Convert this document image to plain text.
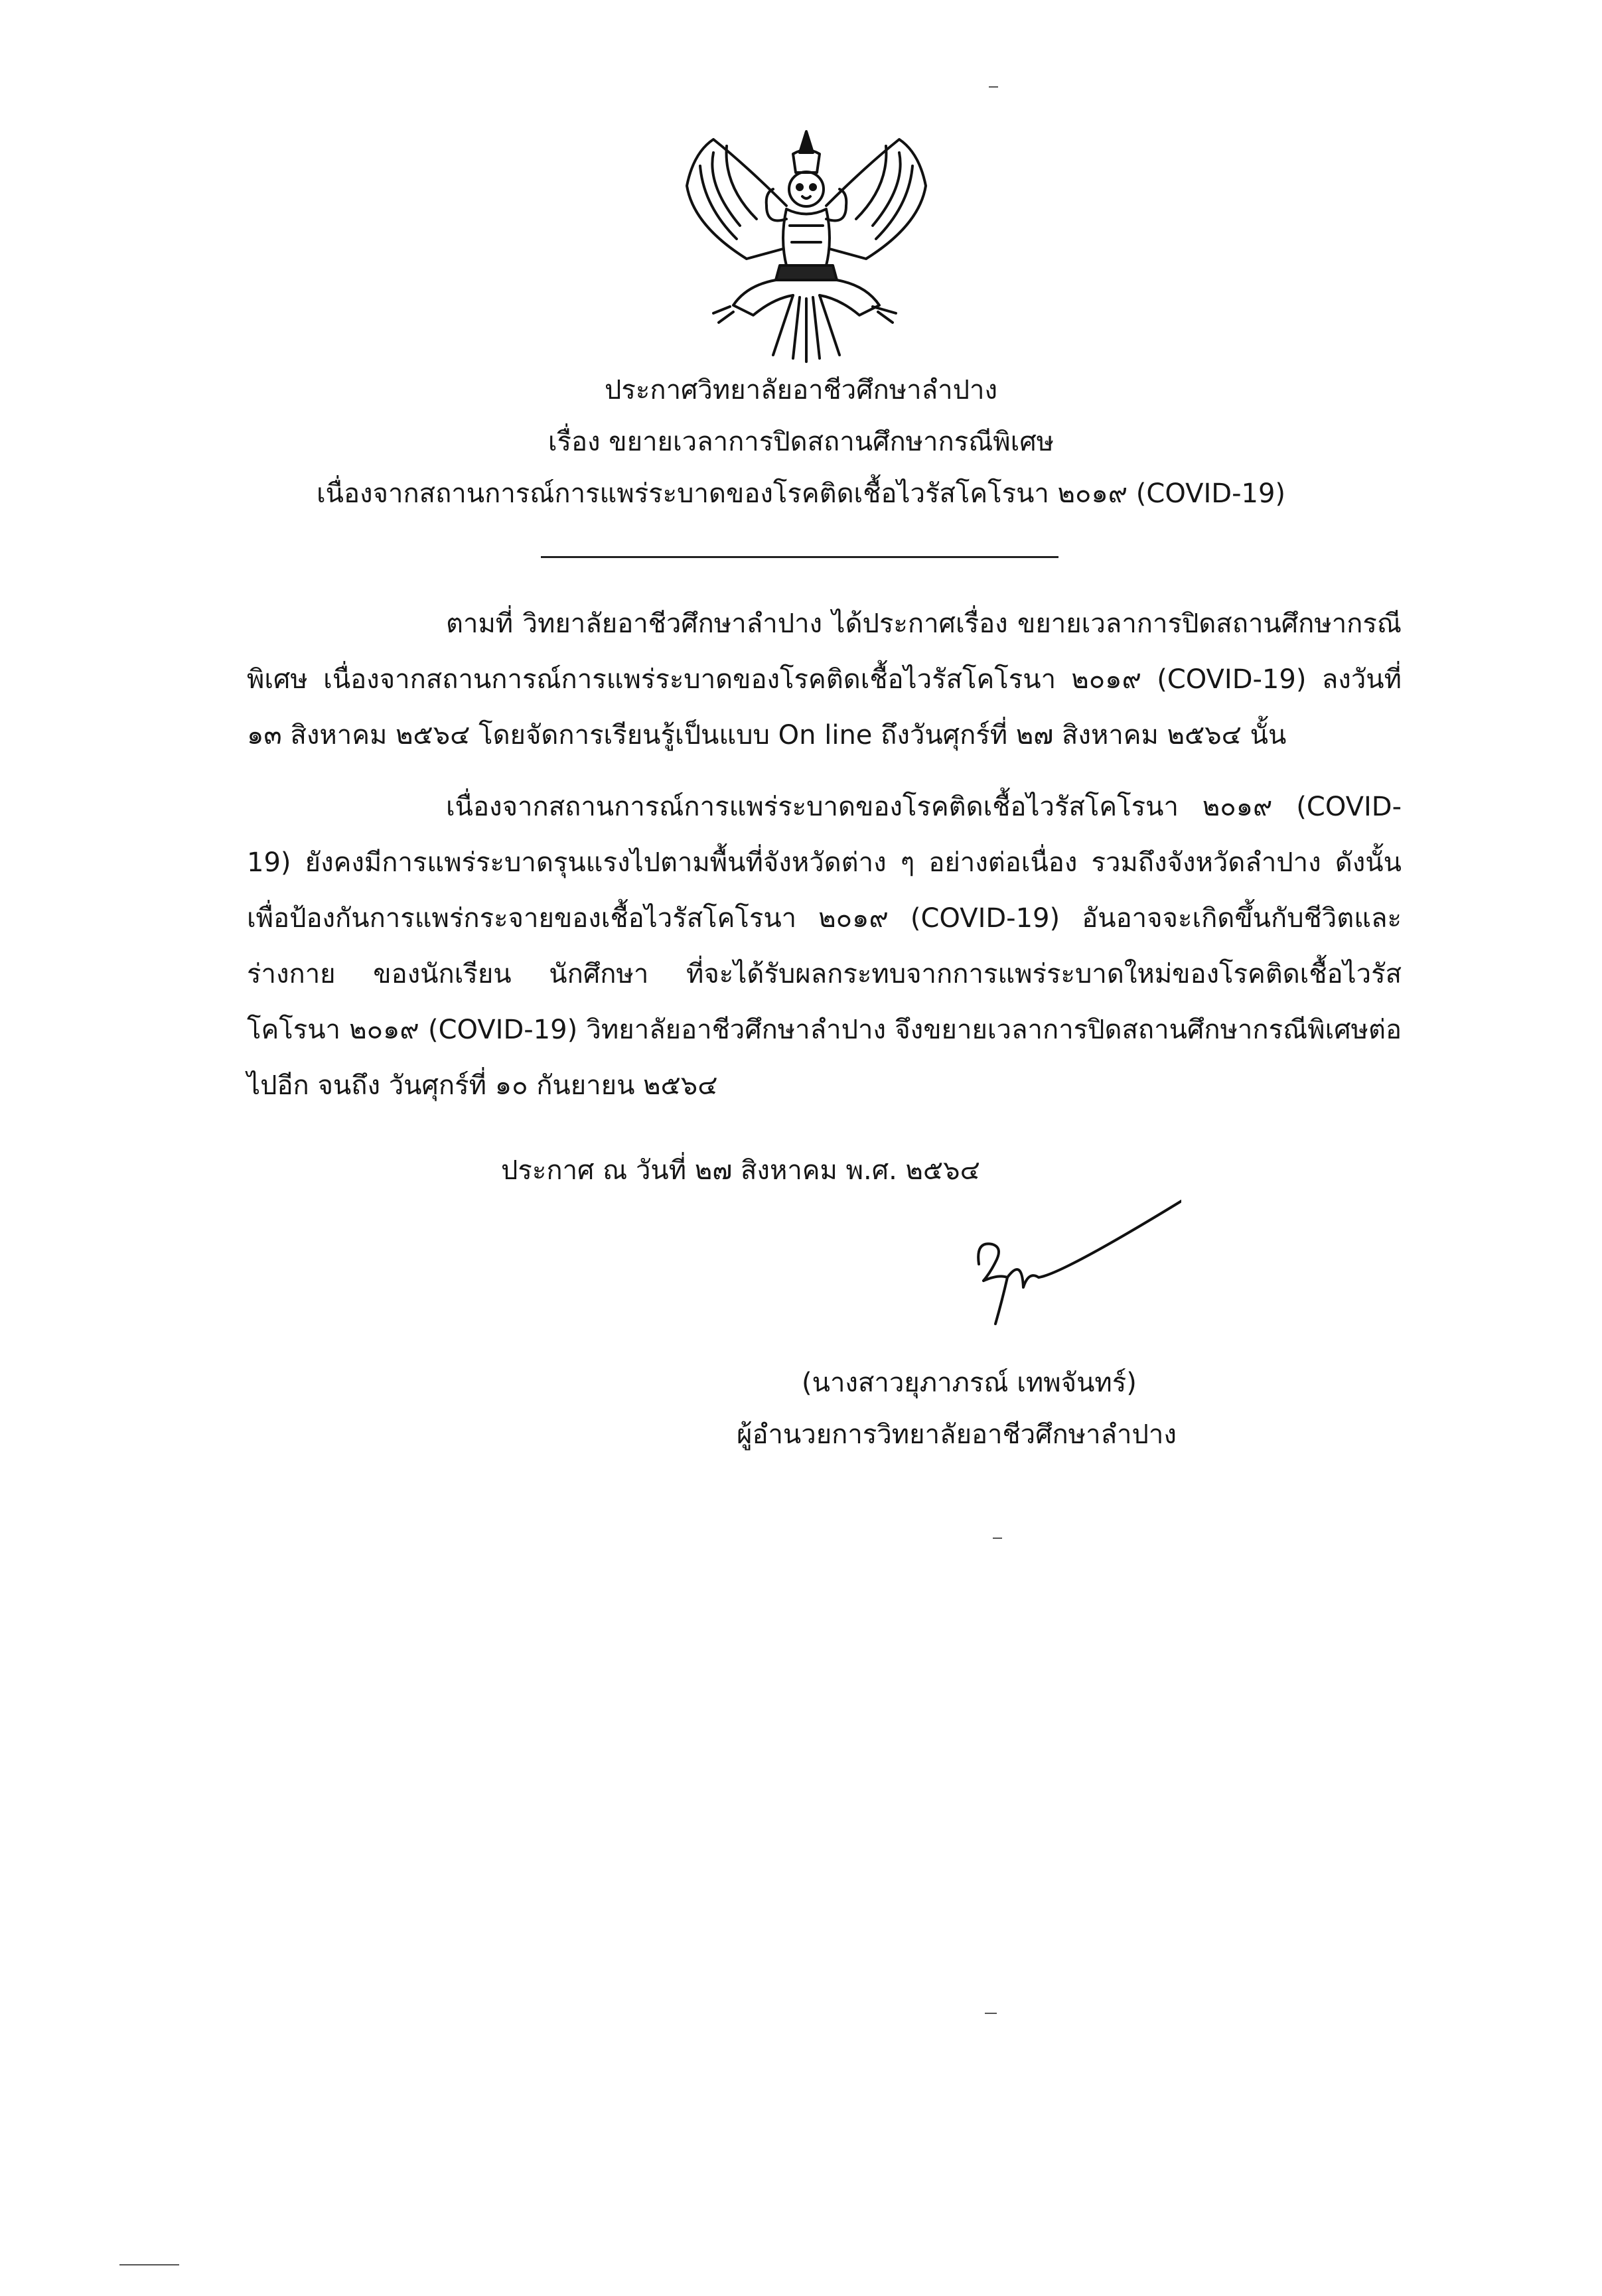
ประกาศวิทยาลัยอาชีวศึกษาลำปาง
เรื่อง ขยายเวลาการปิดสถานศึกษากรณีพิเศษ
เนื่องจากสถานการณ์การแพร่ระบาดของโรคติดเชื้อไวรัสโคโรนา ๒๐๑๙ (COVID-19)
ตามที่ วิทยาลัยอาชีวศึกษาลำปาง ได้ประกาศเรื่อง ขยายเวลาการปิดสถานศึกษากรณีพิเศษ เนื่องจากสถานการณ์การแพร่ระบาดของโรคติดเชื้อไวรัสโคโรนา ๒๐๑๙ (COVID-19) ลงวันที่ ๑๓ สิงหาคม ๒๕๖๔ โดยจัดการเรียนรู้เป็นแบบ On line ถึงวันศุกร์ที่ ๒๗ สิงหาคม ๒๕๖๔ นั้น
เนื่องจากสถานการณ์การแพร่ระบาดของโรคติดเชื้อไวรัสโคโรนา ๒๐๑๙ (COVID-19) ยังคงมีการแพร่ระบาดรุนแรงไปตามพื้นที่จังหวัดต่าง ๆ อย่างต่อเนื่อง รวมถึงจังหวัดลำปาง ดังนั้น เพื่อป้องกันการแพร่กระจายของเชื้อไวรัสโคโรนา ๒๐๑๙ (COVID-19) อันอาจจะเกิดขึ้นกับชีวิตและร่างกาย ของนักเรียน นักศึกษา ที่จะได้รับผลกระทบจากการแพร่ระบาดใหม่ของโรคติดเชื้อไวรัสโคโรนา ๒๐๑๙ (COVID-19) วิทยาลัยอาชีวศึกษาลำปาง จึงขยายเวลาการปิดสถานศึกษากรณีพิเศษต่อไปอีก จนถึง วันศุกร์ที่ ๑๐ กันยายน ๒๕๖๔
ประกาศ ณ วันที่ ๒๗ สิงหาคม พ.ศ. ๒๕๖๔
(นางสาวยุภาภรณ์ เทพจันทร์)
ผู้อำนวยการวิทยาลัยอาชีวศึกษาลำปาง
